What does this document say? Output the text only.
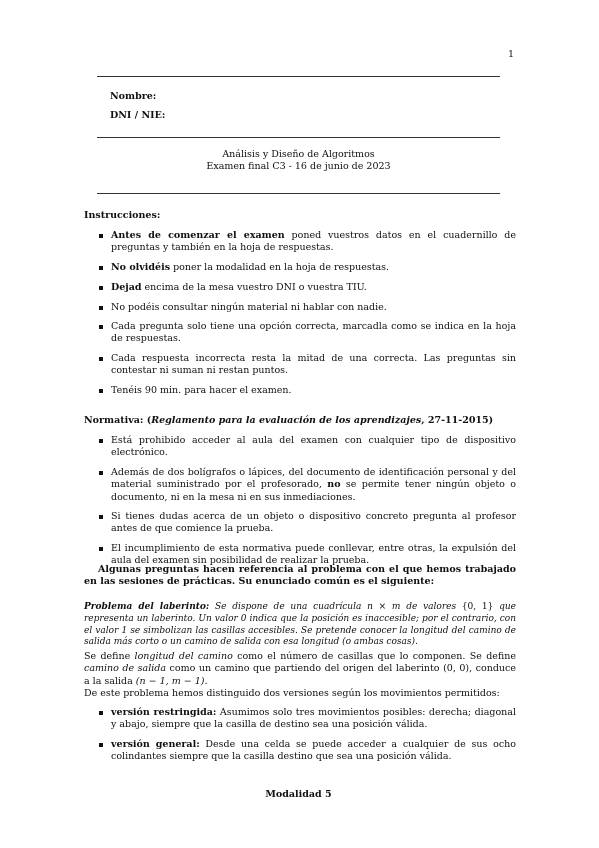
1
Nombre:
DNI / NIE:
Análisis y Diseño de Algoritmos
Examen final C3 - 16 de junio de 2023
Instrucciones:
Antes de comenzar el examen poned vuestros datos en el cuadernillo de preguntas y también en la hoja de respuestas.
No olvidéis poner la modalidad en la hoja de respuestas.
Dejad encima de la mesa vuestro DNI o vuestra TIU.
No podéis consultar ningún material ni hablar con nadie.
Cada pregunta solo tiene una opción correcta, marcadla como se indica en la hoja de respuestas.
Cada respuesta incorrecta resta la mitad de una correcta. Las preguntas sin contestar ni suman ni restan puntos.
Tenéis 90 min. para hacer el examen.
Normativa: (Reglamento para la evaluación de los aprendizajes, 27-11-2015)
Está prohibido acceder al aula del examen con cualquier tipo de dispositivo electrónico.
Además de dos bolígrafos o lápices, del documento de identificación personal y del material suministrado por el profesorado, no se permite tener ningún objeto o documento, ni en la mesa ni en sus inmediaciones.
Si tienes dudas acerca de un objeto o dispositivo concreto pregunta al profesor antes de que comience la prueba.
El incumplimiento de esta normativa puede conllevar, entre otras, la expulsión del aula del examen sin posibilidad de realizar la prueba.
Algunas preguntas hacen referencia al problema con el que hemos trabajado en las sesiones de prácticas. Su enunciado común es el siguiente:
Problema del laberinto: Se dispone de una cuadrícula n × m de valores {0, 1} que representa un laberinto. Un valor 0 indica que la posición es inaccesible; por el contrario, con el valor 1 se simbolizan las casillas accesibles. Se pretende conocer la longitud del camino de salida más corto o un camino de salida con esa longitud (o ambas cosas).
Se define longitud del camino como el número de casillas que lo componen. Se define camino de salida como un camino que partiendo del origen del laberinto (0, 0), conduce a la salida (n − 1, m − 1).
De este problema hemos distinguido dos versiones según los movimientos permitidos:
versión restringida: Asumimos solo tres movimientos posibles: derecha; diagonal y abajo, siempre que la casilla de destino sea una posición válida.
versión general: Desde una celda se puede acceder a cualquier de sus ocho colindantes siempre que la casilla destino que sea una posición válida.
Modalidad 5
